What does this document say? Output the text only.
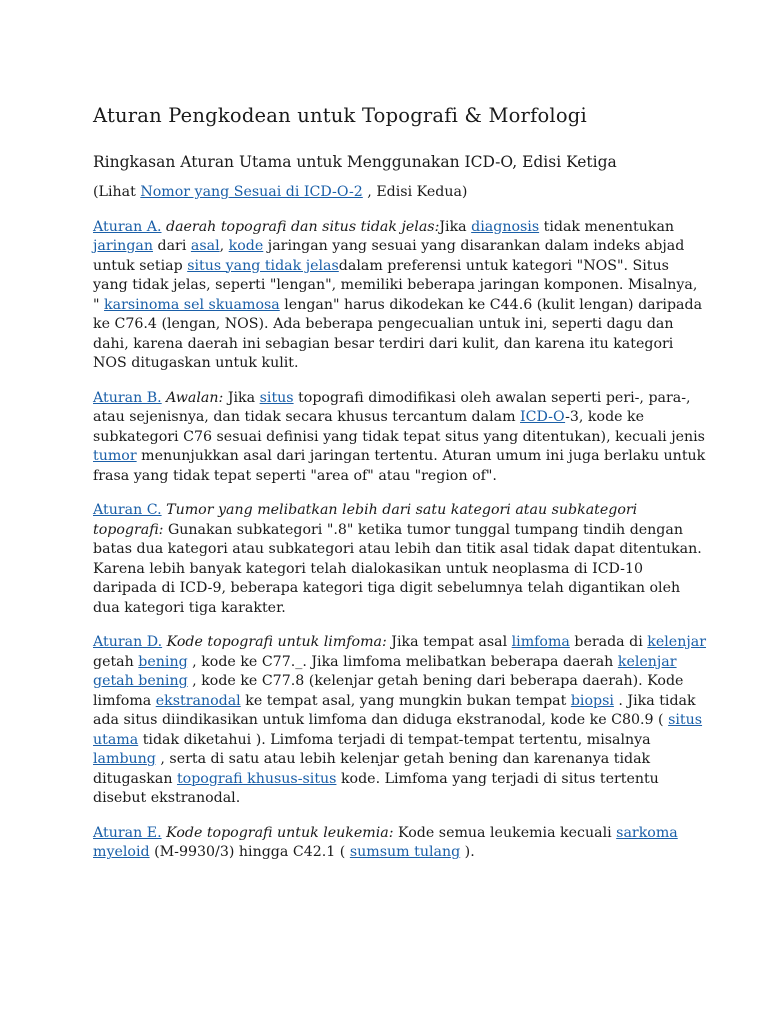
Aturan Pengkodean untuk Topografi & Morfologi
Ringkasan Aturan Utama untuk Menggunakan ICD-O, Edisi Ketiga

(Lihat Nomor yang Sesuai di ICD-O-2 , Edisi Kedua)

Aturan A. daerah topografi dan situs tidak jelas:Jika diagnosis tidak menentukan jaringan dari asal, kode jaringan yang sesuai yang disarankan dalam indeks abjad untuk setiap situs yang tidak jelasdalam preferensi untuk kategori "NOS". Situs yang tidak jelas, seperti "lengan", memiliki beberapa jaringan komponen. Misalnya, " karsinoma sel skuamosa lengan" harus dikodekan ke C44.6 (kulit lengan) daripada ke C76.4 (lengan, NOS). Ada beberapa pengecualian untuk ini, seperti dagu dan dahi, karena daerah ini sebagian besar terdiri dari kulit, dan karena itu kategori NOS ditugaskan untuk kulit.

Aturan B. Awalan: Jika situs topografi dimodifikasi oleh awalan seperti peri-, para-, atau sejenisnya, dan tidak secara khusus tercantum dalam ICD-O-3, kode ke subkategori C76 sesuai definisi yang tidak tepat situs yang ditentukan), kecuali jenis tumor menunjukkan asal dari jaringan tertentu. Aturan umum ini juga berlaku untuk frasa yang tidak tepat seperti "area of" atau "region of".

Aturan C. Tumor yang melibatkan lebih dari satu kategori atau subkategori topografi: Gunakan subkategori ".8" ketika tumor tunggal tumpang tindih dengan batas dua kategori atau subkategori atau lebih dan titik asal tidak dapat ditentukan. Karena lebih banyak kategori telah dialokasikan untuk neoplasma di ICD-10 daripada di ICD-9, beberapa kategori tiga digit sebelumnya telah digantikan oleh dua kategori tiga karakter.

Aturan D. Kode topografi untuk limfoma: Jika tempat asal limfoma berada di kelenjar getah bening , kode ke C77._. Jika limfoma melibatkan beberapa daerah kelenjar getah bening , kode ke C77.8 (kelenjar getah bening dari beberapa daerah). Kode limfoma ekstranodal ke tempat asal, yang mungkin bukan tempat biopsi . Jika tidak ada situs diindikasikan untuk limfoma dan diduga ekstranodal, kode ke C80.9 ( situs utama tidak diketahui ). Limfoma terjadi di tempat-tempat tertentu, misalnya lambung , serta di satu atau lebih kelenjar getah bening dan karenanya tidak ditugaskan topografi khusus-situs kode. Limfoma yang terjadi di situs tertentu disebut ekstranodal.

Aturan E. Kode topografi untuk leukemia: Kode semua leukemia kecuali sarkoma myeloid (M-9930/3) hingga C42.1 ( sumsum tulang ).
